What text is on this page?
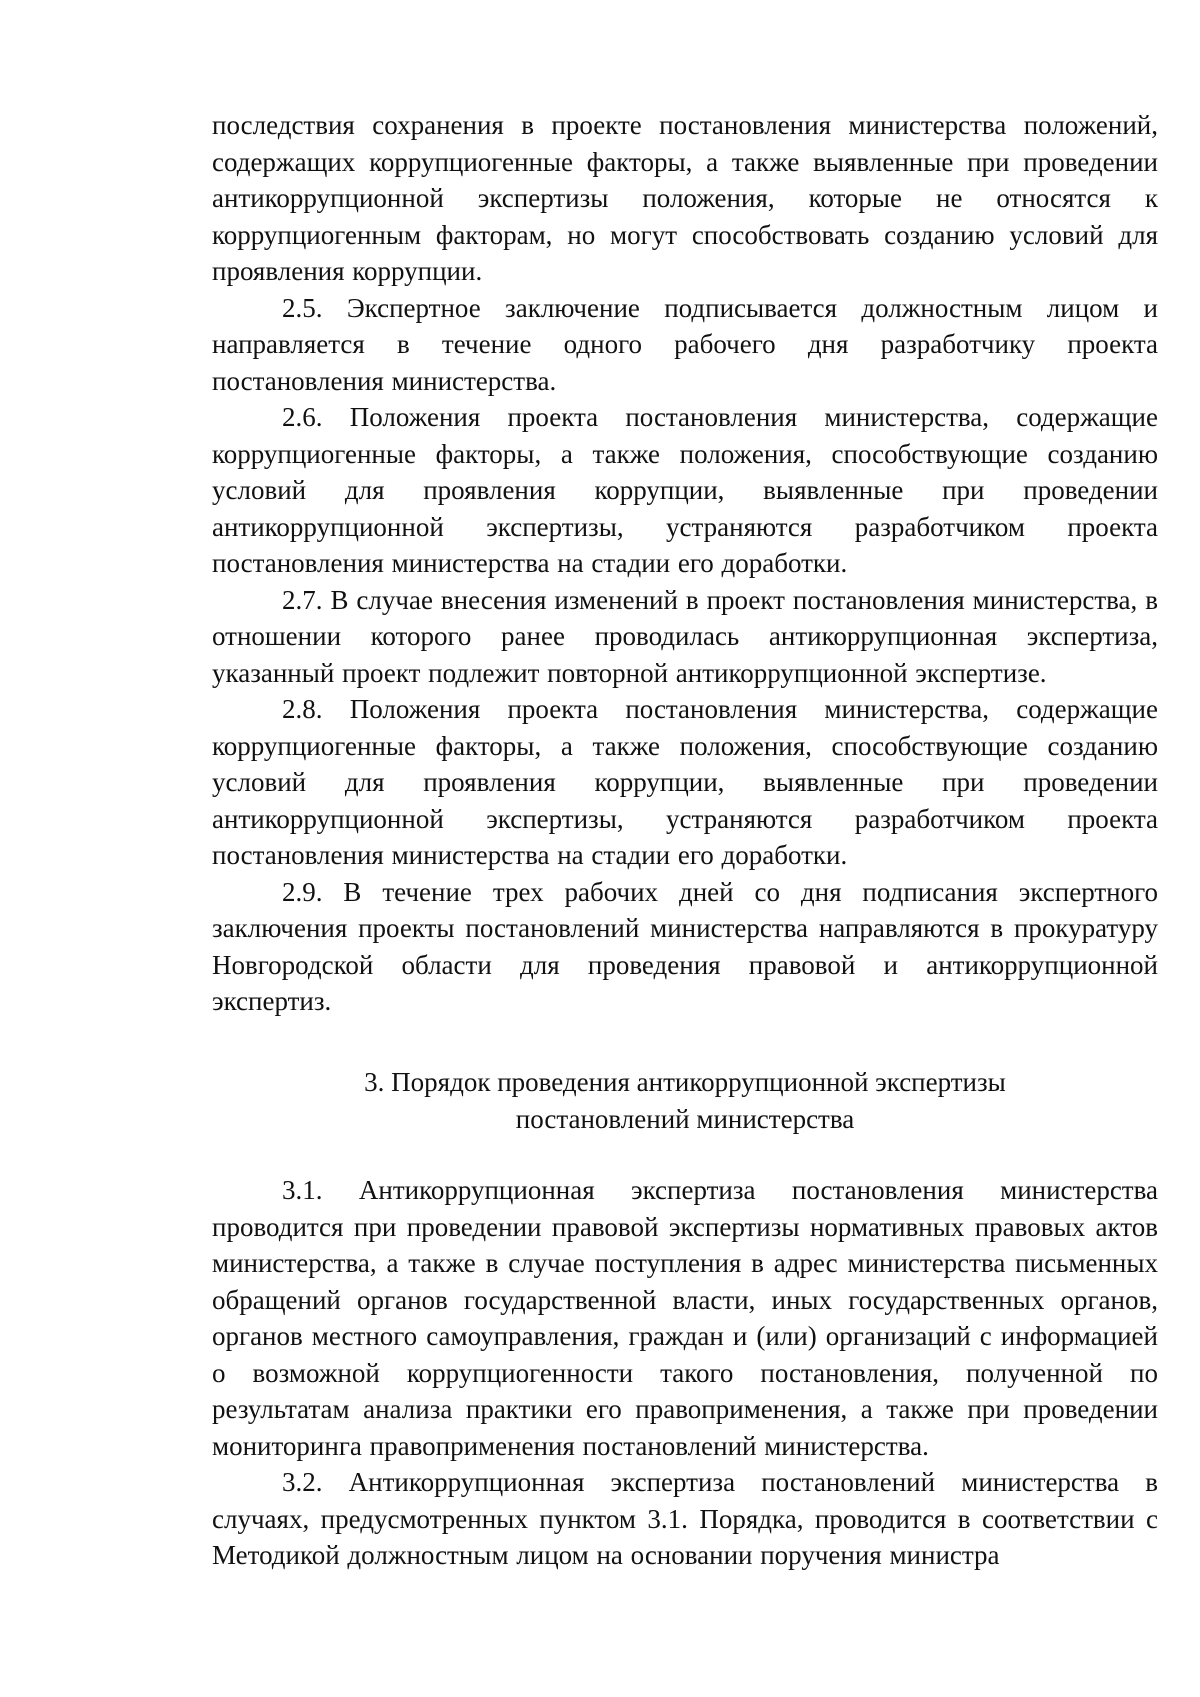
последствия сохранения в проекте постановления министерства положений, содержащих коррупциогенные факторы, а также выявленные при проведении антикоррупционной экспертизы положения, которые не относятся к коррупциогенным факторам, но могут способствовать созданию условий для проявления коррупции.

2.5. Экспертное заключение подписывается должностным лицом и направляется в течение одного рабочего дня разработчику проекта постановления министерства.

2.6. Положения проекта постановления министерства, содержащие коррупциогенные факторы, а также положения, способствующие созданию условий для проявления коррупции, выявленные при проведении антикоррупционной экспертизы, устраняются разработчиком проекта постановления министерства на стадии его доработки.

2.7. В случае внесения изменений в проект постановления министерства, в отношении которого ранее проводилась антикоррупционная экспертиза, указанный проект подлежит повторной антикоррупционной экспертизе.

2.8. Положения проекта постановления министерства, содержащие коррупциогенные факторы, а также положения, способствующие созданию условий для проявления коррупции, выявленные при проведении антикоррупционной экспертизы, устраняются разработчиком проекта постановления министерства на стадии его доработки.

2.9. В течение трех рабочих дней со дня подписания экспертного заключения проекты постановлений министерства направляются в прокуратуру Новгородской области для проведения правовой и антикоррупционной экспертиз.

3. Порядок проведения антикоррупционной экспертизы
постановлений министерства

3.1. Антикоррупционная экспертиза постановления министерства проводится при проведении правовой экспертизы нормативных правовых актов министерства, а также в случае поступления в адрес министерства письменных обращений органов государственной власти, иных государственных органов, органов местного самоуправления, граждан и (или) организаций с информацией о возможной коррупциогенности такого постановления, полученной по результатам анализа практики его правоприменения, а также при проведении мониторинга правоприменения постановлений министерства.

3.2. Антикоррупционная экспертиза постановлений министерства в случаях, предусмотренных пунктом 3.1. Порядка, проводится в соответствии с Методикой должностным лицом на основании поручения министра
